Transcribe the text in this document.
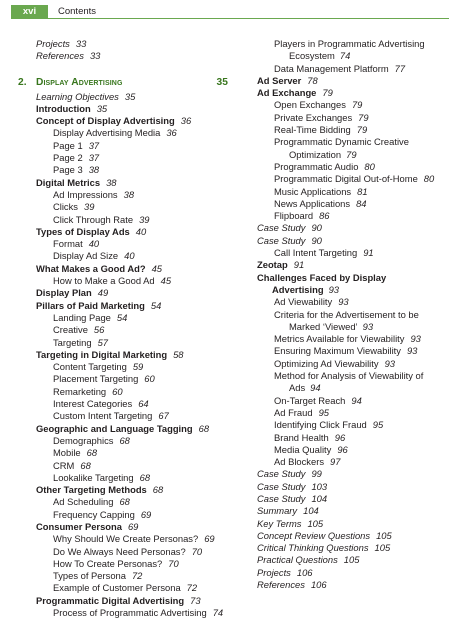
xvi	Contents
Projects 33
References 33
2. Display Advertising	35
Learning Objectives 35
Introduction 35
Concept of Display Advertising 36
Display Advertising Media 36
Page 1 37
Page 2 37
Page 3 38
Digital Metrics 38
Ad Impressions 38
Clicks 39
Click Through Rate 39
Types of Display Ads 40
Format 40
Display Ad Size 40
What Makes a Good Ad? 45
How to Make a Good Ad 45
Display Plan 49
Pillars of Paid Marketing 54
Landing Page 54
Creative 56
Targeting 57
Targeting in Digital Marketing 58
Content Targeting 59
Placement Targeting 60
Remarketing 60
Interest Categories 64
Custom Intent Targeting 67
Geographic and Language Tagging 68
Demographics 68
Mobile 68
CRM 68
Lookalike Targeting 68
Other Targeting Methods 68
Ad Scheduling 68
Frequency Capping 69
Consumer Persona 69
Why Should We Create Personas? 69
Do We Always Need Personas? 70
How To Create Personas? 70
Types of Persona 72
Example of Customer Persona 72
Programmatic Digital Advertising 73
Process of Programmatic Advertising 74
Players in Programmatic Advertising
Ecosystem 74
Data Management Platform 77
Ad Server 78
Ad Exchange 79
Open Exchanges 79
Private Exchanges 79
Real-Time Bidding 79
Programmatic Dynamic Creative
Optimization 79
Programmatic Audio 80
Programmatic Digital Out-of-Home 80
Music Applications 81
News Applications 84
Flipboard 86
Case Study 90
Case Study 90
Call Intent Targeting 91
Zeotap 91
Challenges Faced by Display
Advertising 93
Ad Viewability 93
Criteria for the Advertisement to be
Marked ‘Viewed’ 93
Metrics Available for Viewability 93
Ensuring Maximum Viewability 93
Optimizing Ad Viewability 93
Method for Analysis of Viewability of
Ads 94
On-Target Reach 94
Ad Fraud 95
Identifying Click Fraud 95
Brand Health 96
Media Quality 96
Ad Blockers 97
Case Study 99
Case Study 103
Case Study 104
Summary 104
Key Terms 105
Concept Review Questions 105
Critical Thinking Questions 105
Practical Questions 105
Projects 106
References 106
